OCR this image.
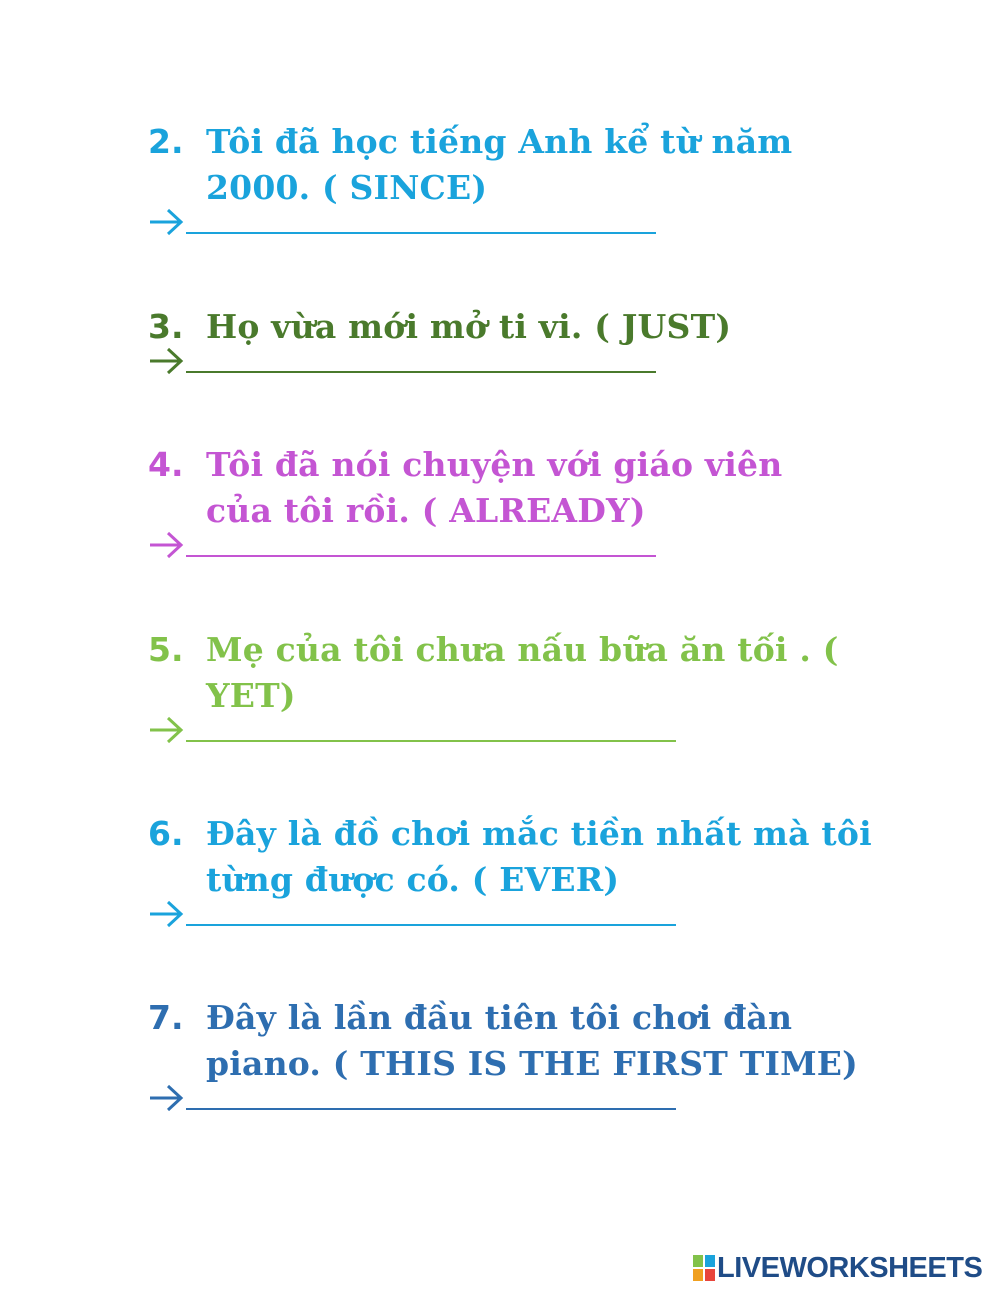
2. Tôi đã học tiếng Anh kể từ năm
2000. ( SINCE)
3. Họ vừa mới mở ti vi. ( JUST)
4. Tôi đã nói chuyện với giáo viên
của tôi rồi. ( ALREADY)
5. Mẹ của tôi chưa nấu bữa ăn tối . (
YET)
6. Đây là đồ chơi mắc tiền nhất mà tôi
từng được có. ( EVER)
7. Đây là lần đầu tiên tôi chơi đàn
piano. ( THIS IS THE FIRST TIME)
LIVEWORKSHEETS
